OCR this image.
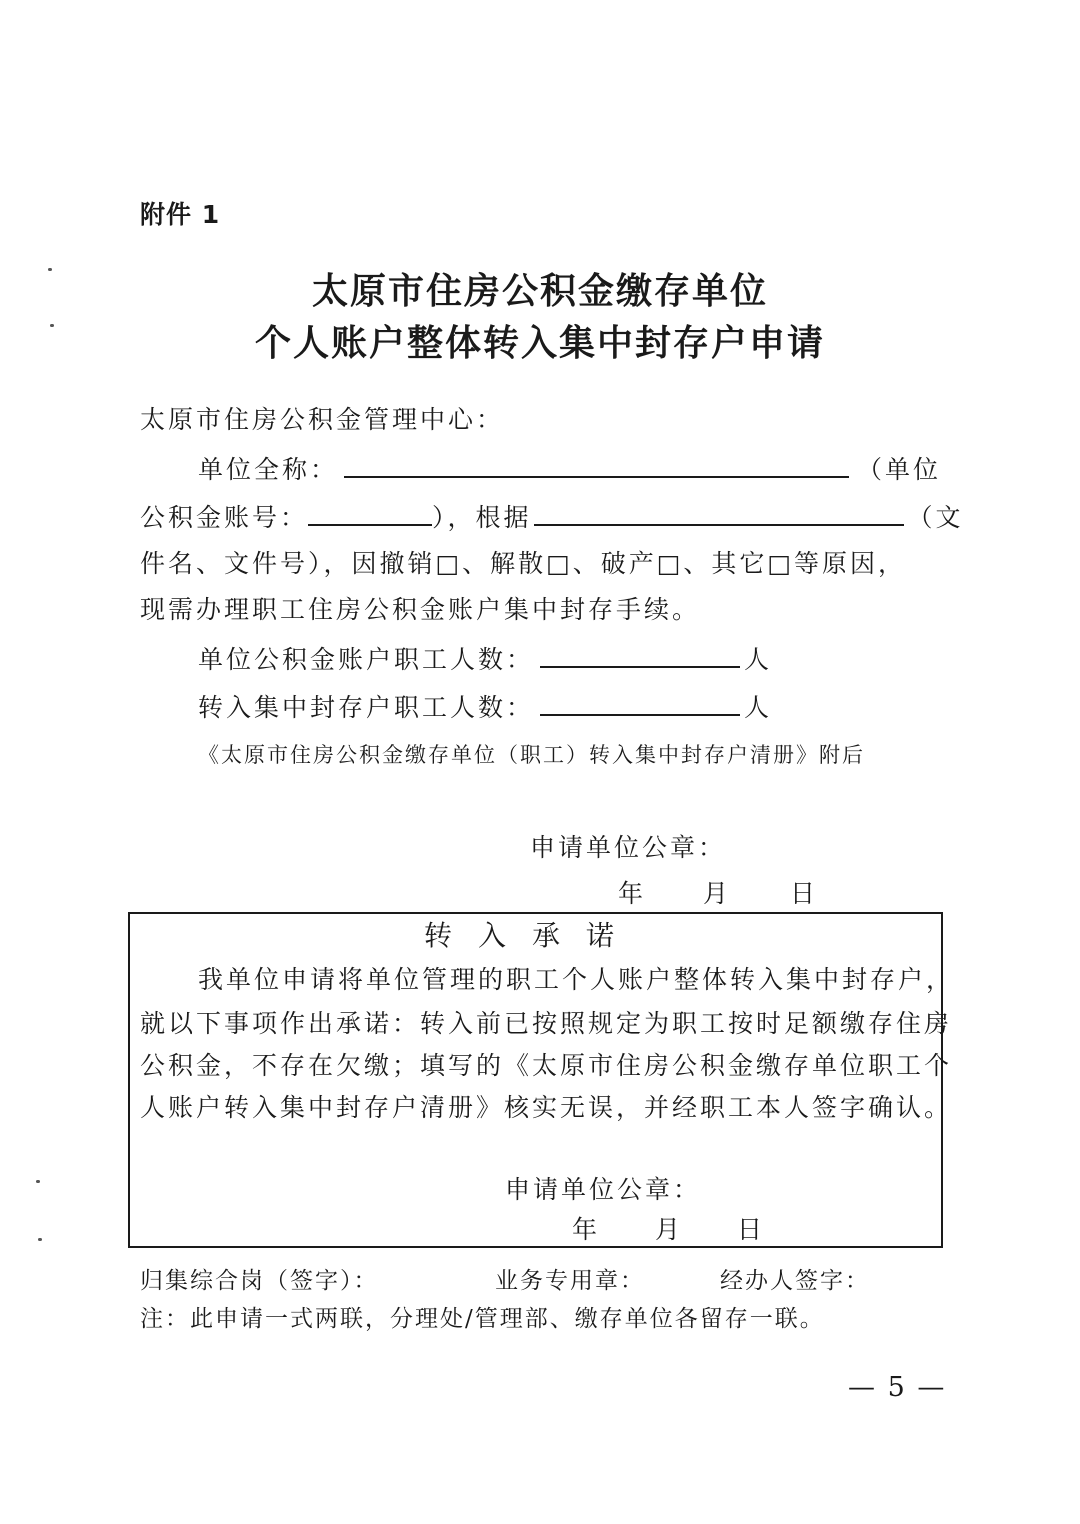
附件 1
太原市住房公积金缴存单位
个人账户整体转入集中封存户申请
太原市住房公积金管理中心：
单位全称：	（单位
公积金账号：	），根据	（文
件名、文件号），因撤销□、解散□、破产□、其它□等原因，
现需办理职工住房公积金账户集中封存手续。
单位公积金账户职工人数：	人
转入集中封存户职工人数：	人
《太原市住房公积金缴存单位（职工）转入集中封存户清册》附后
申请单位公章：
年 月 日
转入承诺
我单位申请将单位管理的职工个人账户整体转入集中封存户，
就以下事项作出承诺：转入前已按照规定为职工按时足额缴存住房
公积金，不存在欠缴；填写的《太原市住房公积金缴存单位职工个
人账户转入集中封存户清册》核实无误，并经职工本人签字确认。
申请单位公章：
年 月 日
归集综合岗（签字）：	业务专用章：	经办人签字：
注：此申请一式两联，分理处/管理部、缴存单位各留存一联。
— 5 —
